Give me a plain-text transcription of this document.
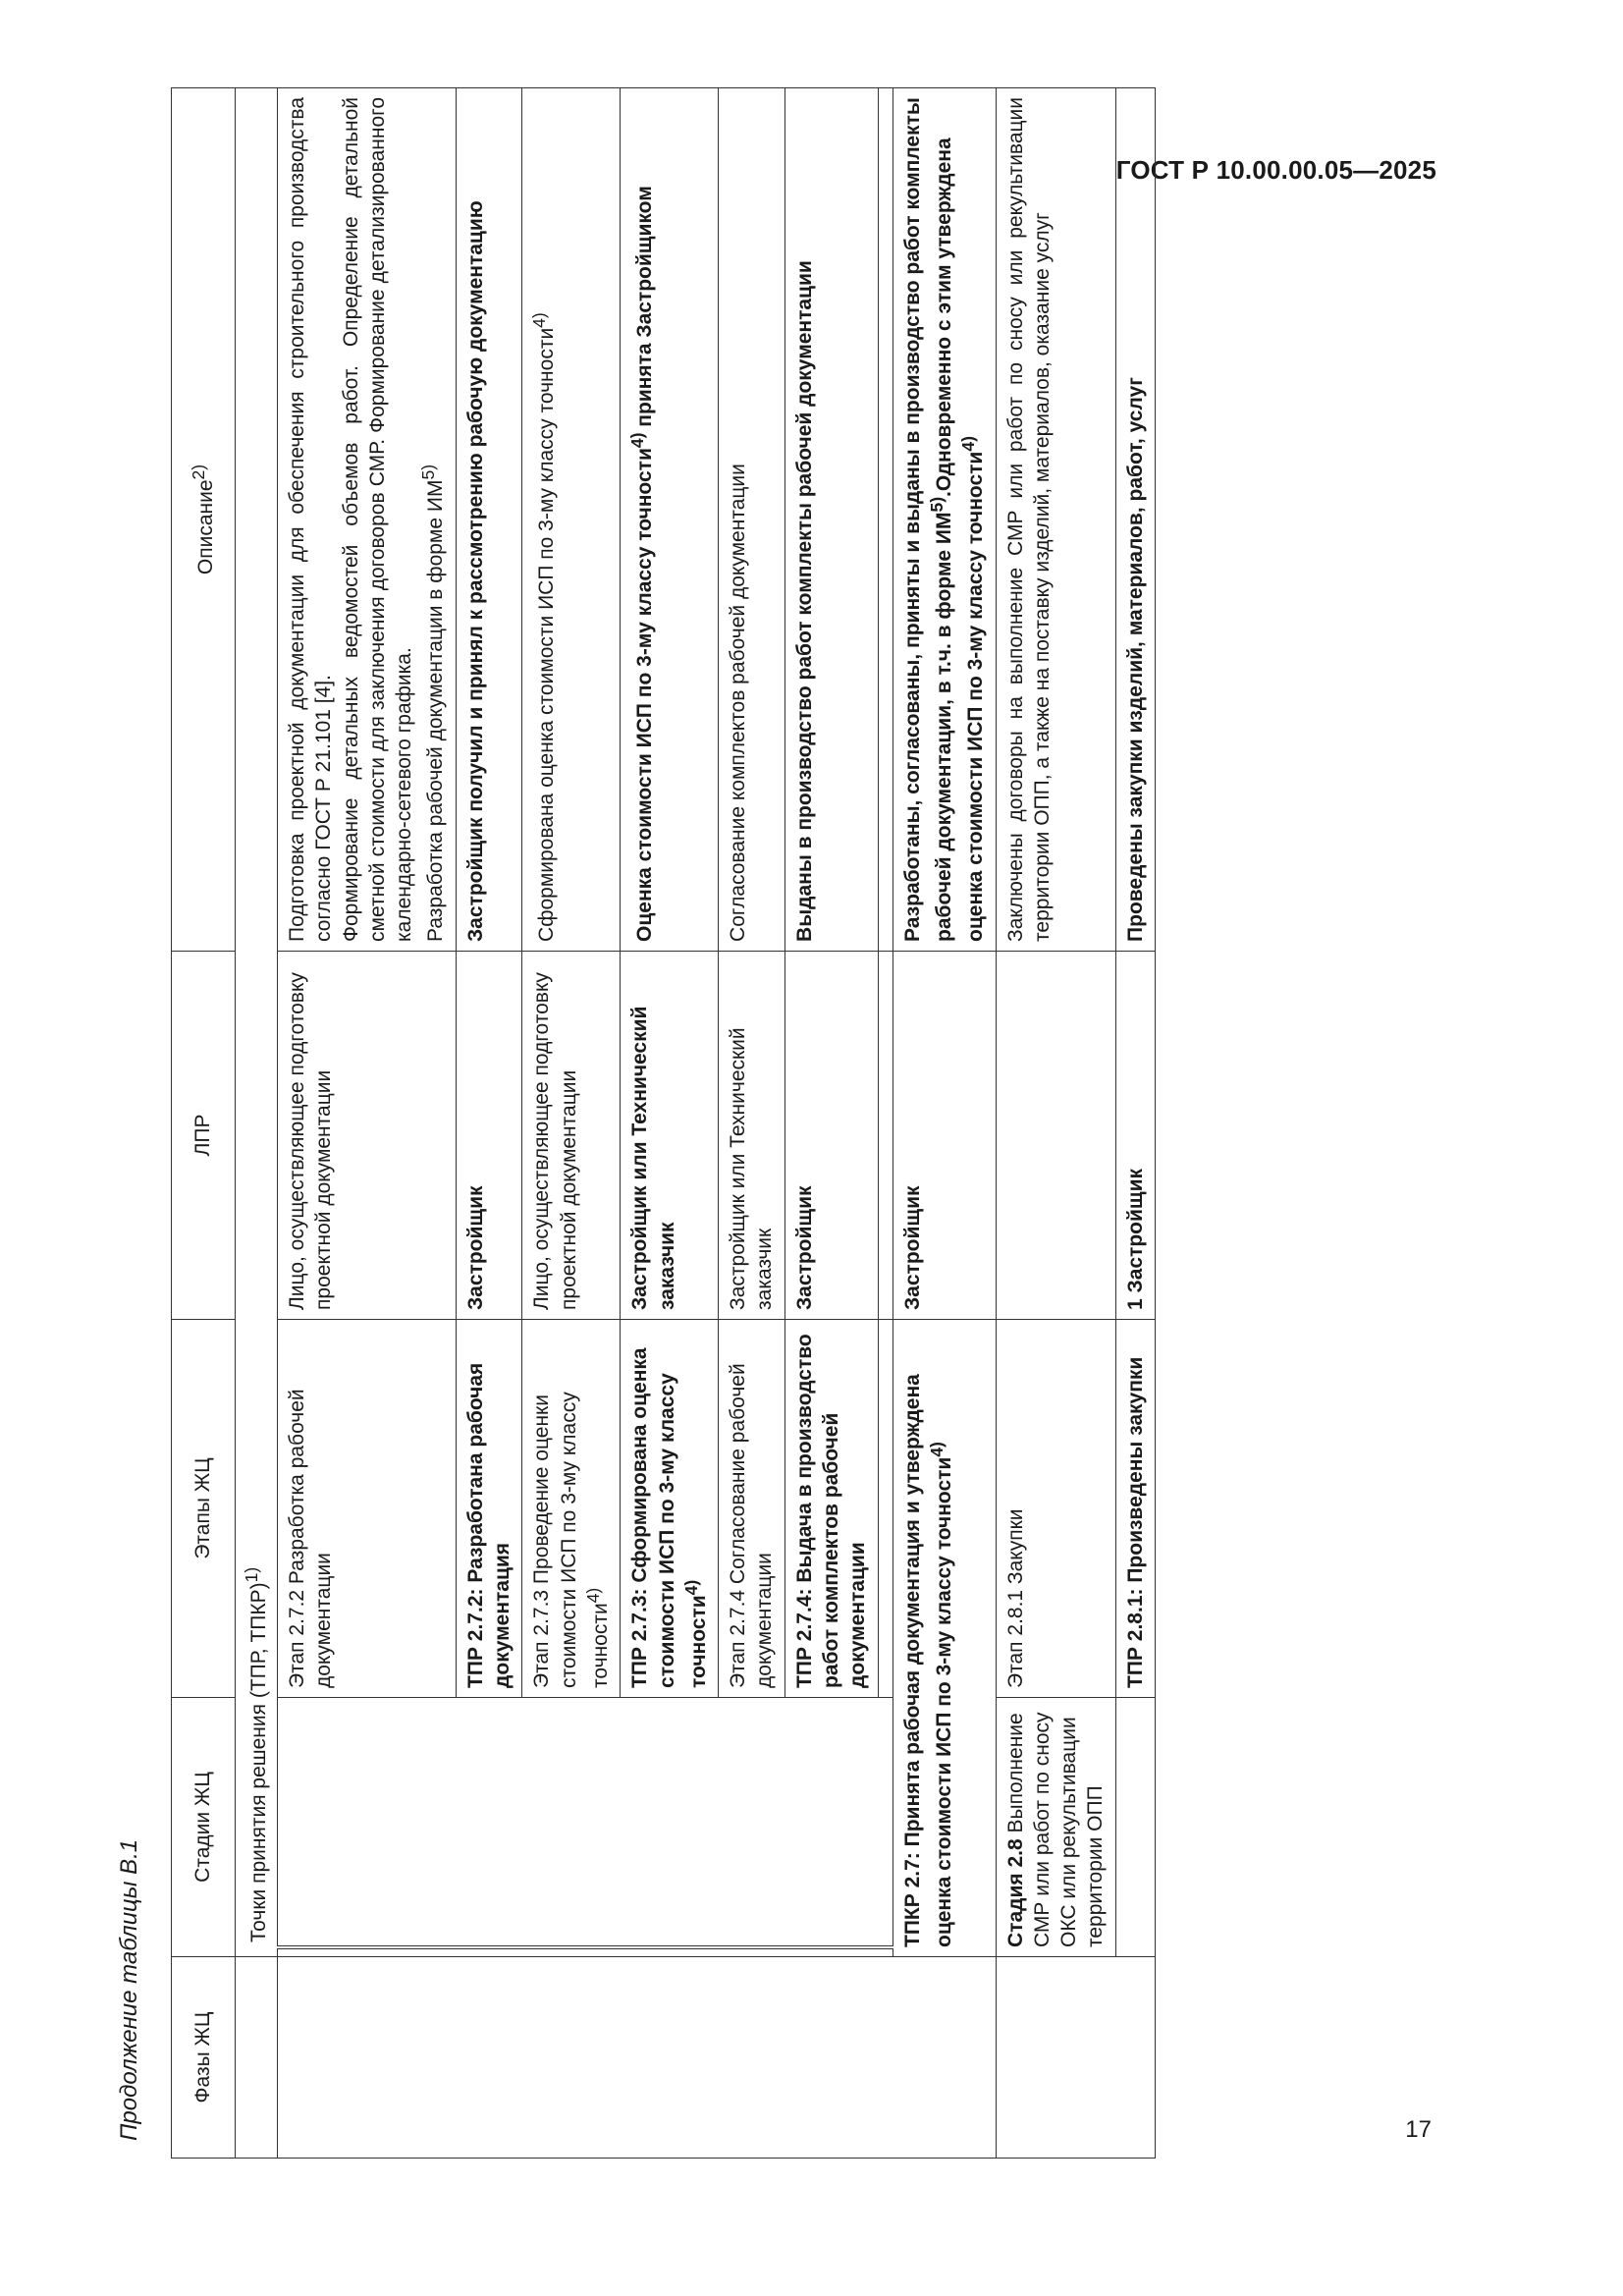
ГОСТ Р 10.00.00.05—2025
Продолжение таблицы В.1 Фазы ЖЦ	Стадии ЖЦ		Этапы ЖЦ	ЛПР	Описание$^{2)}$
	Точки принятия решения (ТПР, ТПКР)$^{1)}$
			Этап 2.7.2 Разработка рабочей документации	Лицо, осуществляющее подготовку проектной документации	Подготовка проектной документации для обеспечения строительного производства согласно ГОСТ Р 21.101 [4]. Формирование детальных ведомостей объемов работ. Определение детальной сметной стоимости для заключения договоров СМР. Формирование детализированного календарно-сетевого графика. Разработка рабочей документации в форме ИМ$^{5)}$

			ТПР 2.7.2: Разработана рабочая документация	Застройщик	Застройщик получил и принял к рассмотрению рабочую документацию
			Этап 2.7.3 Проведение оценки стоимости ИСП по 3-му классу точности$^{4)}$	Лицо, осуществляющее подготовку проектной документации	Сформирована оценка стоимости ИСП по 3-му классу точности$^{4)}$
			ТПР 2.7.3: Сформирована оценка стоимости ИСП по 3-му классу точности$^{4)}$	Застройщик или Технический заказчик	Оценка стоимости ИСП по 3-му классу точности$^{4)}$ принята Застройщиком
			Этап 2.7.4 Согласование рабочей документации	Застройщик или Технический заказчик	Согласование комплектов рабочей документации
			ТПР 2.7.4: Выдача в производство работ комплектов рабочей документации	Застройщик	Выданы в производство работ комплекты рабочей документации

	ТПКР 2.7: Принята рабочая документация и утверждена оценка стоимости ИСП по 3-му классу точности$^{4)}$			Застройщик	Разработаны, согласованы, приняты и выданы в производство работ комплекты рабочей документации, в т.ч. в форме ИМ$^{5)}$.Одновременно с этим утверждена оценка стоимости ИСП по 3-му классу точности$^{4)}$
	Стадия 2.8 Выполнение СМР или работ по сносу ОКС или рекультивации территории ОПП		Этап 2.8.1 Закупки		Заключены договоры на выполнение СМР или работ по сносу или рекультивации территории ОПП, а также на поставку изделий, материалов, оказание услуг
			ТПР 2.8.1: Произведены закупки	1 Застройщик	Проведены закупки изделий, материалов, работ, услуг
17
